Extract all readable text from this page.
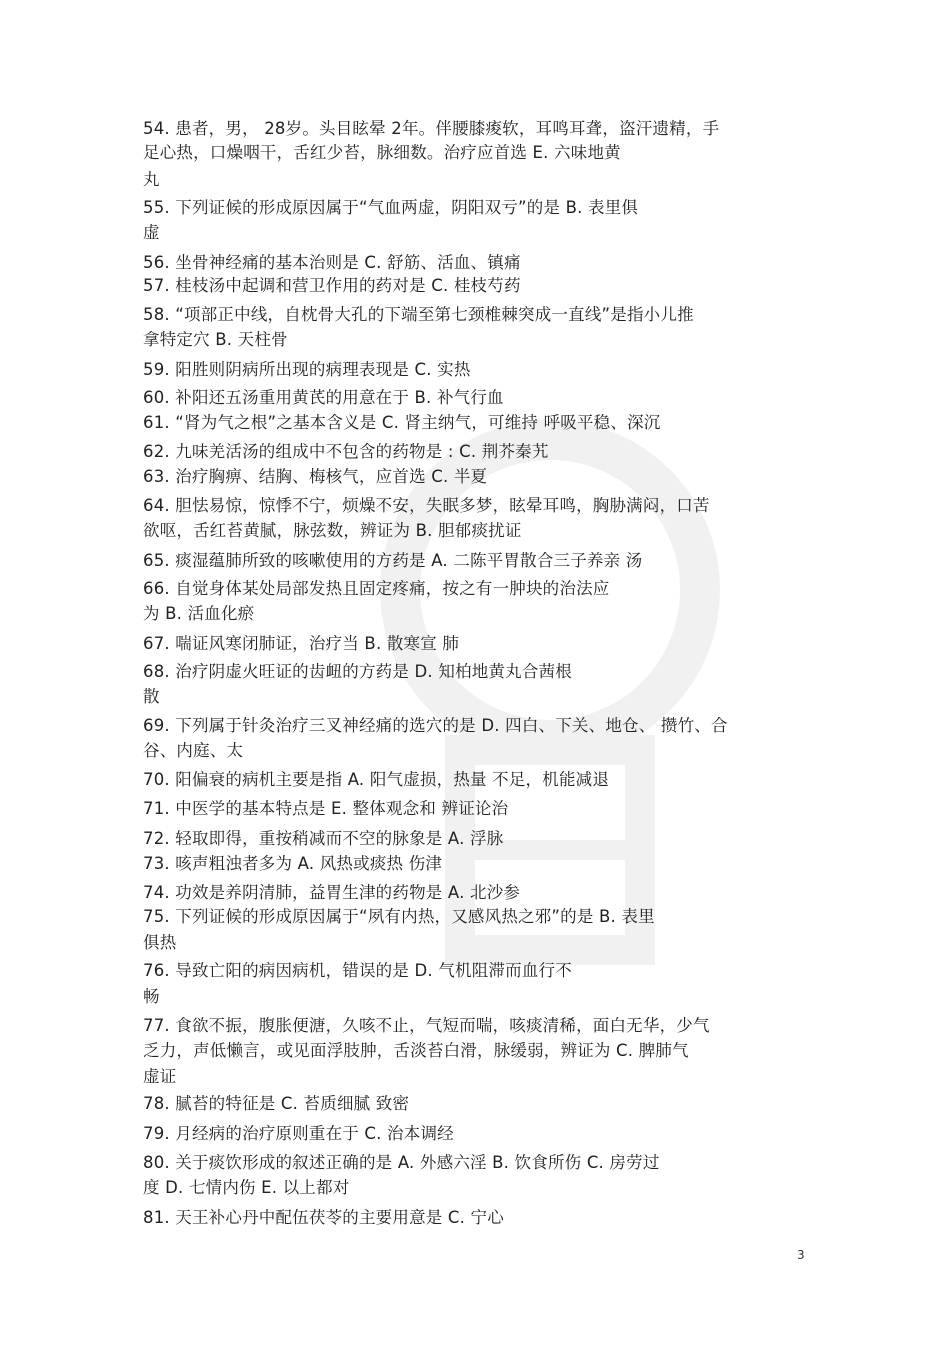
54. 患者，男， 28岁。头目眩晕 2年。伴腰膝痠软，耳鸣耳聋，盗汗遗精，手
足心热，口燥咽干，舌红少苔，脉细数。治疗应首选 E. 六味地黄
丸
55. 下列证候的形成原因属于“气血两虚，阴阳双亏”的是 B. 表里俱
虚
56. 坐骨神经痛的基本治则是 C. 舒筋、活血、镇痛
57. 桂枝汤中起调和营卫作用的药对是 C. 桂枝芍药
58. “项部正中线，自枕骨大孔的下端至第七颈椎棘突成一直线”是指小儿推
拿特定穴 B. 天柱骨
59. 阳胜则阴病所出现的病理表现是 C. 实热
60. 补阳还五汤重用黄芪的用意在于 B. 补气行血
61. “肾为气之根”之基本含义是 C. 肾主纳气，可维持 呼吸平稳、深沉
62. 九味羌活汤的组成中不包含的药物是 : C. 荆芥秦艽
63. 治疗胸痹、结胸、梅核气，应首选 C. 半夏
64. 胆怯易惊，惊悸不宁，烦燥不安，失眠多梦，眩晕耳鸣，胸胁满闷，口苦
欲呕，舌红苔黄腻，脉弦数，辨证为 B. 胆郁痰扰证
65. 痰湿蕴肺所致的咳嗽使用的方药是 A. 二陈平胃散合三子养亲 汤
66. 自觉身体某处局部发热且固定疼痛，按之有一肿块的治法应
为 B. 活血化瘀
67. 喘证风寒闭肺证，治疗当 B. 散寒宣 肺
68. 治疗阴虚火旺证的齿衄的方药是 D. 知柏地黄丸合茜根
散
69. 下列属于针灸治疗三叉神经痛的选穴的是 D. 四白、下关、地仓、 攒竹、合
谷、内庭、太
70. 阳偏衰的病机主要是指 A. 阳气虚损，热量 不足，机能减退
71. 中医学的基本特点是 E. 整体观念和 辨证论治
72. 轻取即得，重按稍减而不空的脉象是 A. 浮脉
73. 咳声粗浊者多为 A. 风热或痰热 伤津
74. 功效是养阴清肺，益胃生津的药物是 A. 北沙参
75. 下列证候的形成原因属于“夙有内热，又感风热之邪”的是 B. 表里
俱热
76. 导致亡阳的病因病机，错误的是 D. 气机阻滞而血行不
畅
77. 食欲不振，腹胀便溏，久咳不止，气短而喘，咳痰清稀，面白无华，少气
乏力，声低懒言，或见面浮肢肿，舌淡苔白滑，脉缓弱，辨证为 C. 脾肺气
虚证
78. 腻苔的特征是 C. 苔质细腻 致密
79. 月经病的治疗原则重在于 C. 治本调经
80. 关于痰饮形成的叙述正确的是 A. 外感六淫 B. 饮食所伤 C. 房劳过
度 D. 七情内伤 E. 以上都对
81. 天王补心丹中配伍茯苓的主要用意是 C. 宁心
3
